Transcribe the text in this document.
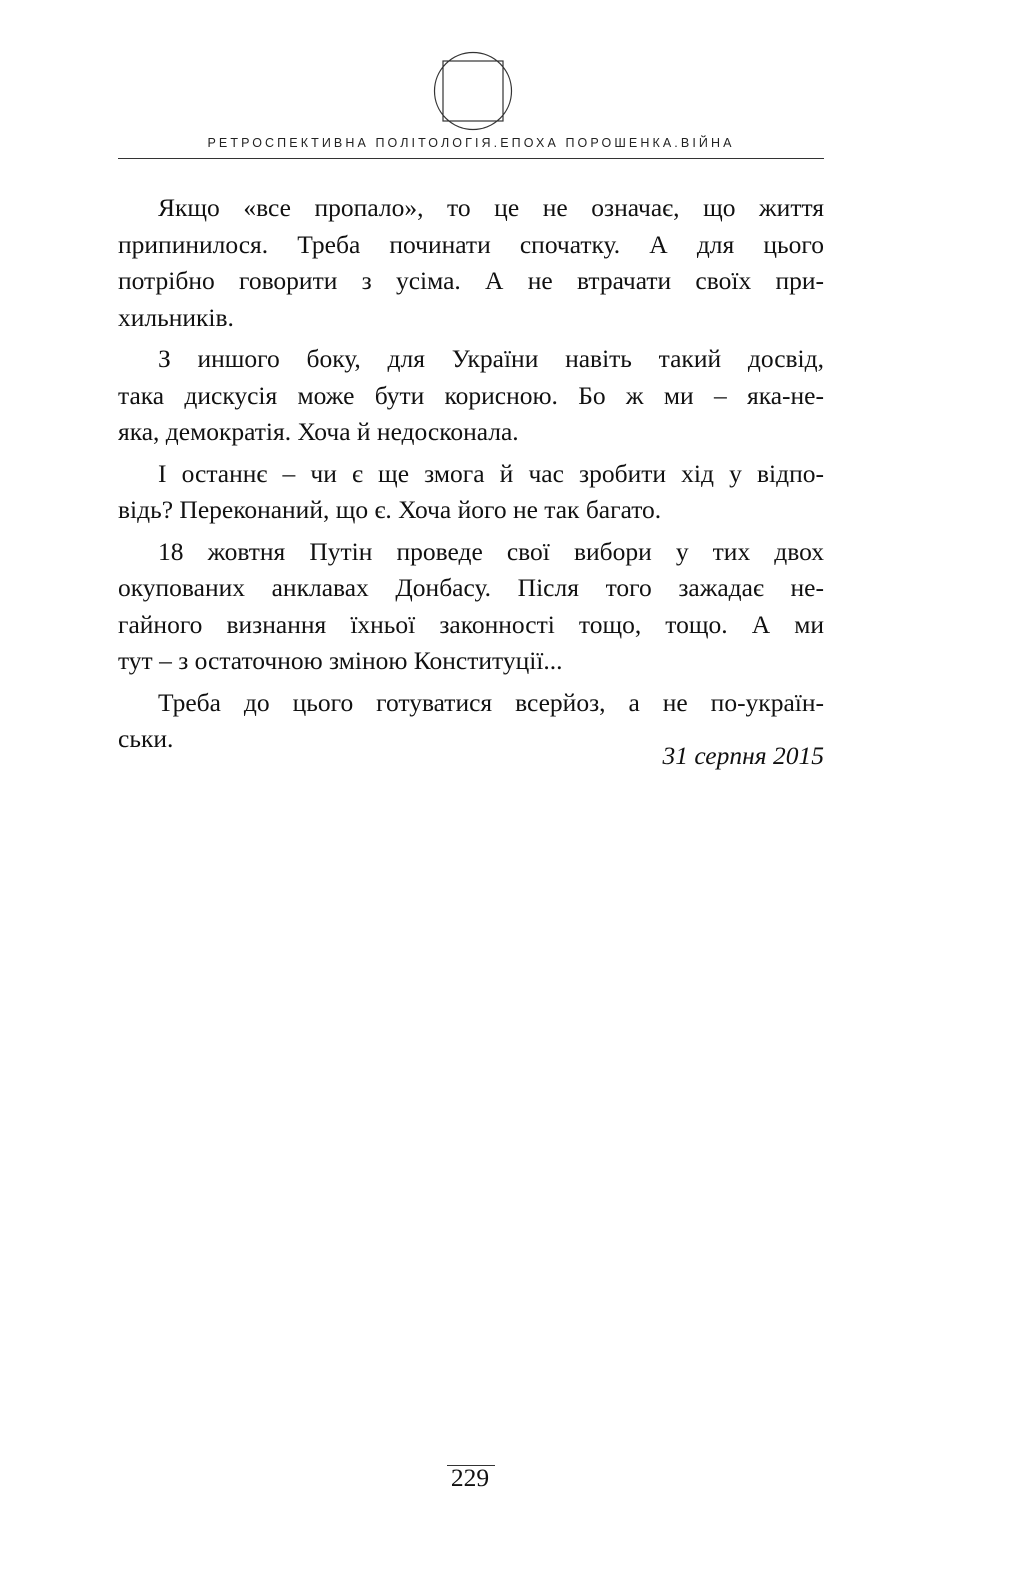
РЕТРОСПЕКТИВНА ПОЛІТОЛОГІЯ.ЕПОХА ПОРОШЕНКА.ВІЙНА

Якщо «все пропало», то це не означає, що життя
припинилося. Треба починати спочатку. А для цього
потрібно говорити з усіма. А не втрачати своїх при-
хильників.

З иншого боку, для України навіть такий досвід,
така дискусія може бути корисною. Бо ж ми – яка-не-
яка, демократія. Хоча й недосконала.

І останнє – чи є ще змога й час зробити хід у відпо-
відь? Переконаний, що є. Хоча його не так багато.

18 жовтня Путін проведе свої вибори у тих двох
окупованих анклавах Донбасу. Після того зажадає не-
гайного визнання їхньої законності тощо, тощо. А ми
тут – з остаточною зміною Конституції...

Треба до цього готуватися всерйоз, а не по-україн-
ськи.

31 серпня 2015
229
